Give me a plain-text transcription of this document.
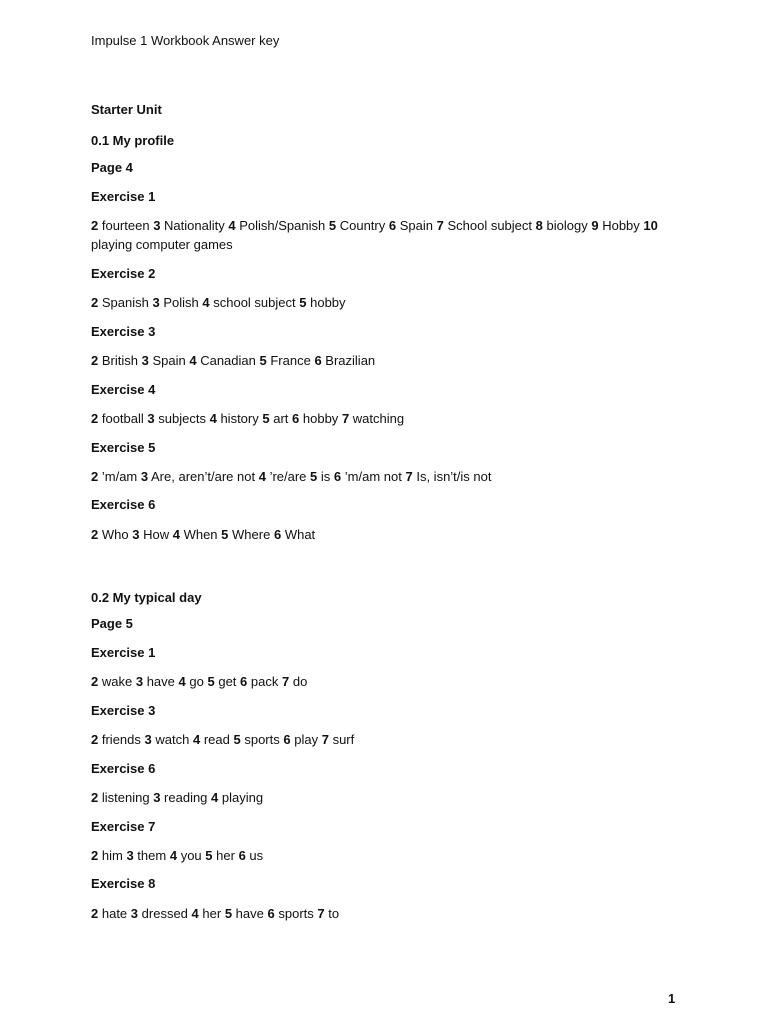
Impulse 1 Workbook Answer key
Starter Unit
0.1 My profile
Page 4
Exercise 1
2 fourteen 3 Nationality 4 Polish/Spanish 5 Country 6 Spain 7 School subject 8 biology 9 Hobby 10 playing computer games
Exercise 2
2 Spanish 3 Polish 4 school subject 5 hobby
Exercise 3
2 British 3 Spain 4 Canadian 5 France 6 Brazilian
Exercise 4
2 football 3 subjects 4 history 5 art 6 hobby 7 watching
Exercise 5
2 ’m/am 3 Are, aren’t/are not 4 ’re/are 5 is 6 ’m/am not 7 Is, isn’t/is not
Exercise 6
2 Who 3 How 4 When 5 Where 6 What
0.2 My typical day
Page 5
Exercise 1
2 wake 3 have 4 go 5 get 6 pack 7 do
Exercise 3
2 friends 3 watch 4 read 5 sports 6 play 7 surf
Exercise 6
2 listening 3 reading 4 playing
Exercise 7
2 him 3 them 4 you 5 her 6 us
Exercise 8
2 hate 3 dressed 4 her 5 have 6 sports 7 to
1
